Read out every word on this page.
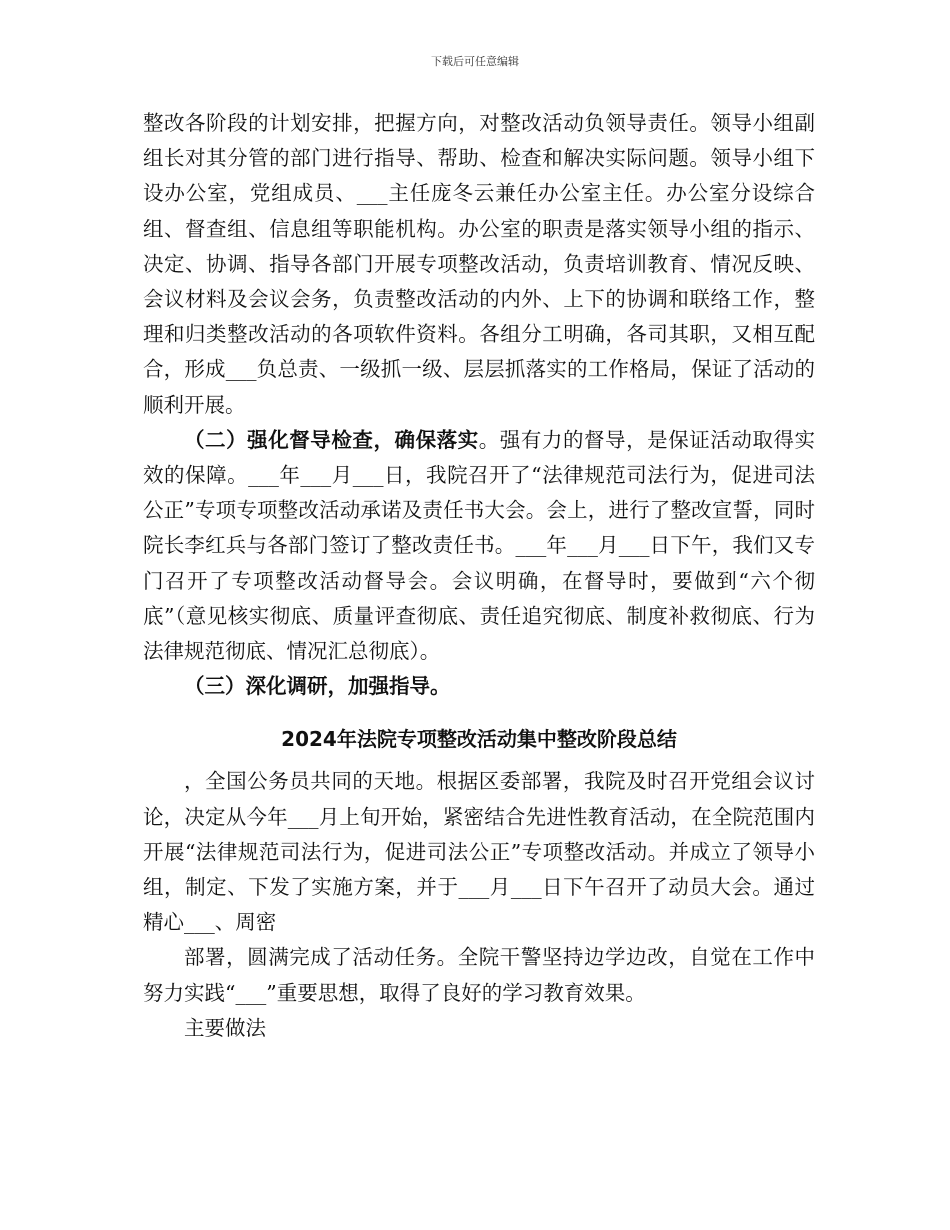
下载后可任意编辑

整改各阶段的计划安排，把握方向，对整改活动负领导责任。领导小组副组长对其分管的部门进行指导、帮助、检查和解决实际问题。领导小组下设办公室，党组成员、___主任庞冬云兼任办公室主任。办公室分设综合组、督查组、信息组等职能机构。办公室的职责是落实领导小组的指示、决定、协调、指导各部门开展专项整改活动，负责培训教育、情况反映、会议材料及会议会务，负责整改活动的内外、上下的协调和联络工作，整理和归类整改活动的各项软件资料。各组分工明确，各司其职，又相互配合，形成___负总责、一级抓一级、层层抓落实的工作格局，保证了活动的顺利开展。

（二）强化督导检查，确保落实。强有力的督导，是保证活动取得实效的保障。___年___月___日，我院召开了“法律规范司法行为，促进司法公正”专项专项整改活动承诺及责任书大会。会上，进行了整改宣誓，同时院长李红兵与各部门签订了整改责任书。___年___月___日下午，我们又专门召开了专项整改活动督导会。会议明确，在督导时，要做到“六个彻底”（意见核实彻底、质量评查彻底、责任追究彻底、制度补救彻底、行为法律规范彻底、情况汇总彻底）。

（三）深化调研，加强指导。

2024年法院专项整改活动集中整改阶段总结

，全国公务员共同的天地。根据区委部署，我院及时召开党组会议讨论，决定从今年___月上旬开始，紧密结合先进性教育活动，在全院范围内开展“法律规范司法行为，促进司法公正”专项整改活动。并成立了领导小组，制定、下发了实施方案，并于___月___日下午召开了动员大会。通过精心___、周密

部署，圆满完成了活动任务。全院干警坚持边学边改，自觉在工作中努力实践“___”重要思想，取得了良好的学习教育效果。

主要做法
